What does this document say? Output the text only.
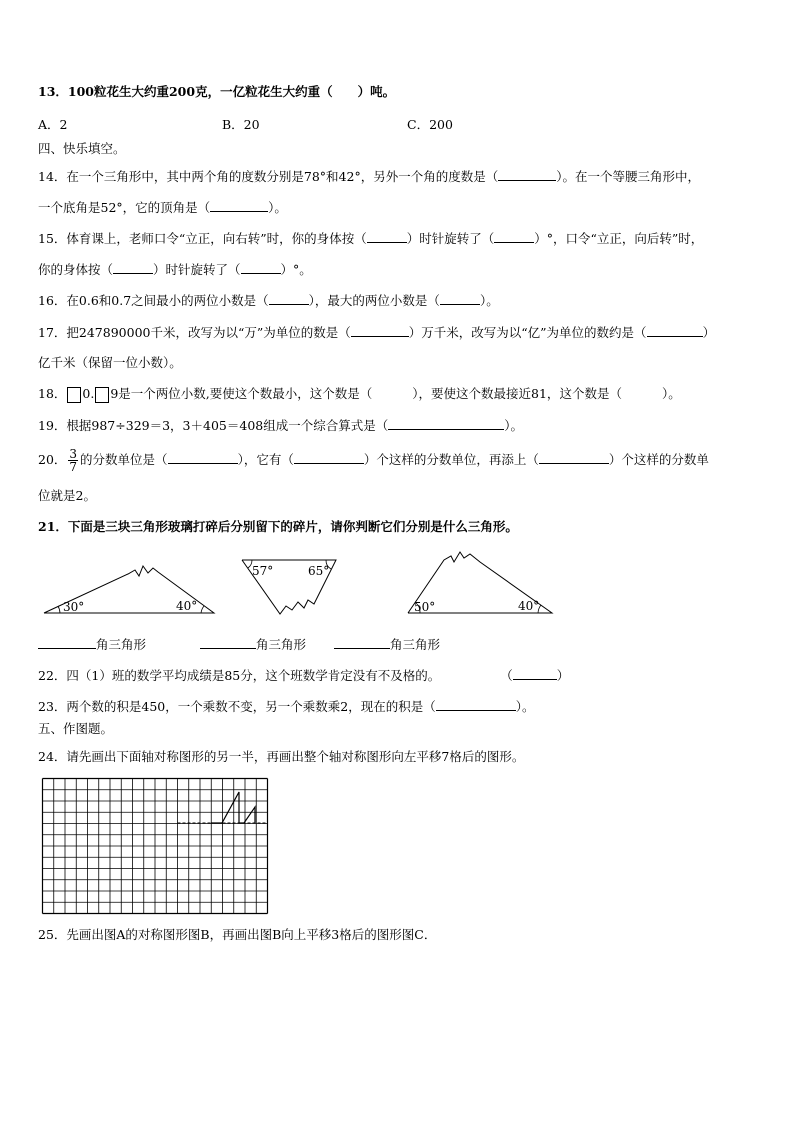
13．100粒花生大约重200克，一亿粒花生大约重（　　）吨。
A．2	B．20	C．200
四、快乐填空。
14．在一个三角形中，其中两个角的度数分别是78°和42°，另外一个角的度数是（	）。在一个等腰三角形中，
一个底角是52°，它的顶角是（	）。
15．体育课上，老师口令“立正，向右转”时，你的身体按（	）时针旋转了（	）°，口令“立正，向后转”时，
你的身体按（	）时针旋转了（	）°。
16．在0.6和0.7之间最小的两位小数是（	），最大的两位小数是（	）。
17．把247890000千米，改写为以“万”为单位的数是（	）万千米，改写为以“亿”为单位的数约是（	）
亿千米（保留一位小数）。
18． 0. 9是一个两位小数,要使这个数最小，这个数是（	），要使这个数最接近81，这个数是（	）。
19．根据987÷329＝3，3＋405＝408组成一个综合算式是（	）。
20． $\frac{3}{7}$ 的分数单位是（	），它有（	）个这样的分数单位，再添上（	）个这样的分数单
位就是2。
21．下面是三块三角形玻璃打碎后分别留下的碎片，请你判断它们分别是什么三角形。
30°	40°
57°	65°
50°	40°
角三角形	角三角形	角三角形
22．四（1）班的数学平均成绩是85分，这个班数学肯定没有不及格的。	（	）
23．两个数的积是450，一个乘数不变，另一个乘数乘2，现在的积是（	）。
五、作图题。
24．请先画出下面轴对称图形的另一半，再画出整个轴对称图形向左平移7格后的图形。
25．先画出图A的对称图形图B，再画出图B向上平移3格后的图形图C．
